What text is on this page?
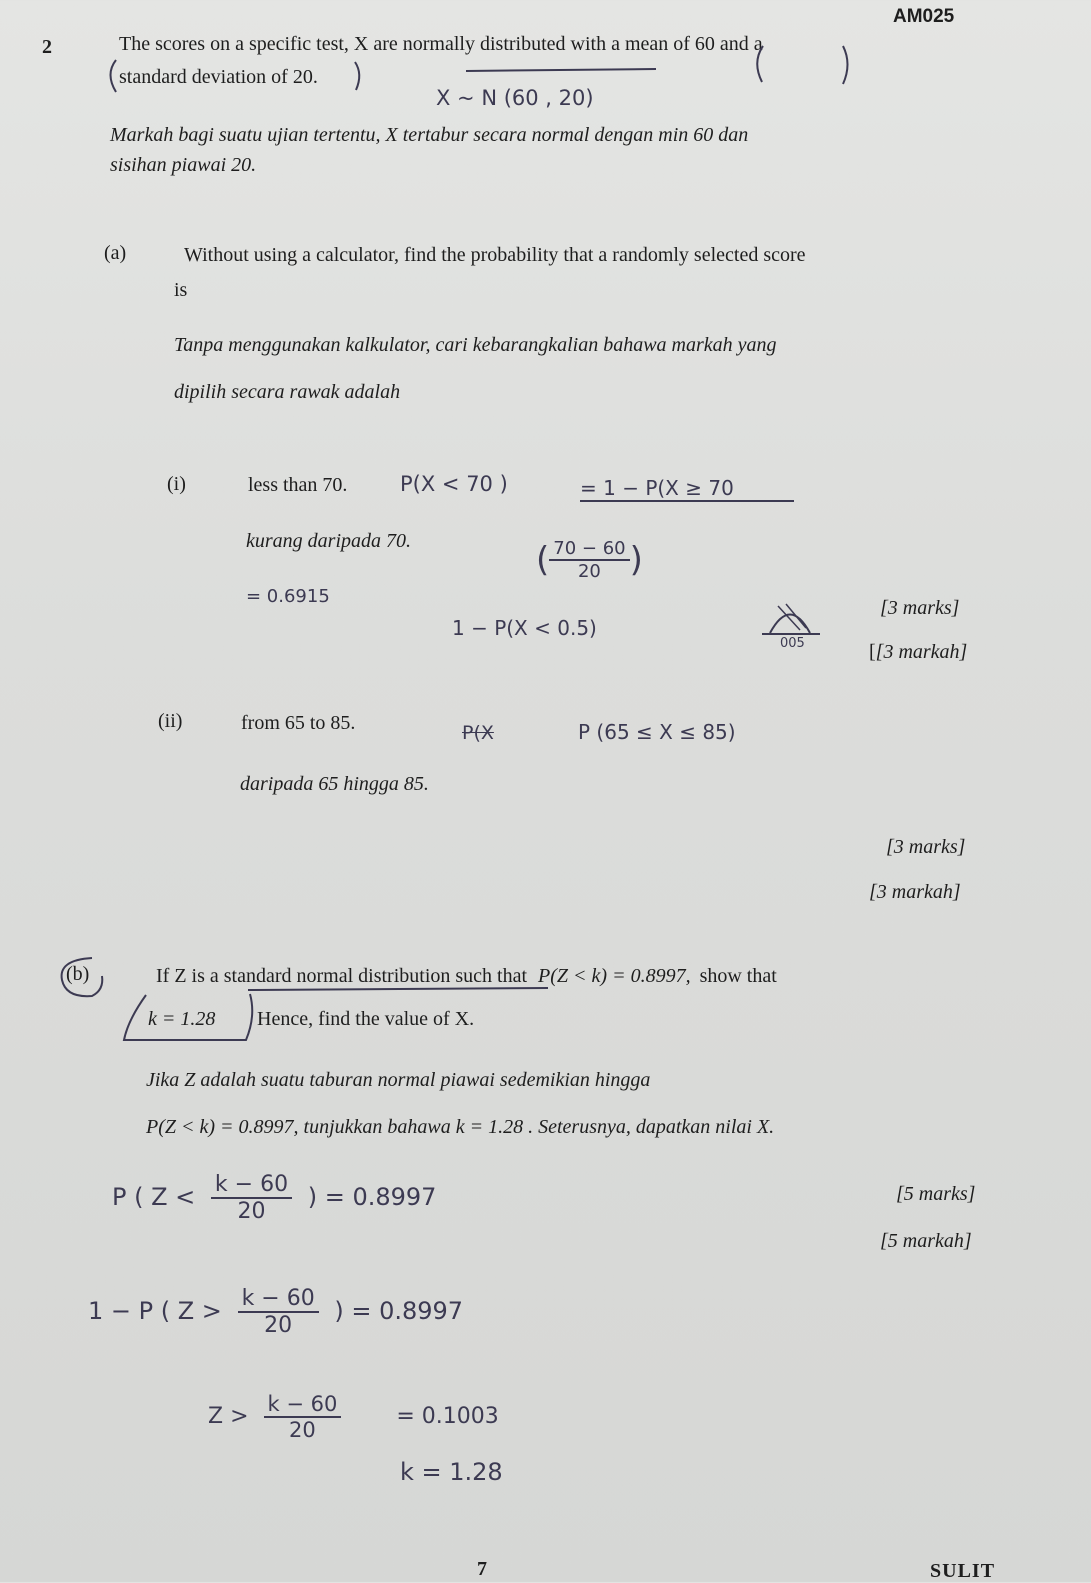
AM025
2	The scores on a specific test, X are normally distributed with a mean of 60 and a
standard deviation of 20.
X ~ N (60 , 20)
Markah bagi suatu ujian tertentu, X tertabur secara normal dengan min 60 dan
sisihan piawai 20.
(a)	Without using a calculator, find the probability that a randomly selected score
is
Tanpa menggunakan kalkulator, cari kebarangkalian bahawa markah yang
dipilih secara rawak adalah
(i)	less than 70.	P(X < 70 )	= 1 − P(X ≥ 70
kurang daripada 70.	( $\frac{70 - 60}{20}$ )
= 0.6915
[3 marks]
1 − P(X < 0.5)
005	[[3 markah]
(ii)	from 65 to 85.	P(X	P (65 ≤ X ≤ 85)
daripada 65 hingga 85.
[3 marks]
[3 markah]
(b)	If Z is a standard normal distribution such that P(Z < k) = 0.8997, show that
k = 1.28 Hence, find the value of X.
Jika Z adalah suatu taburan normal piawai sedemikian hingga
P(Z < k) = 0.8997, tunjukkan bahawa k = 1.28 . Seterusnya, dapatkan nilai X.
[5 marks]
[5 markah]
P ( $Z < \frac{k - 60}{20}$ ) = 0.8997
1 − P ( $Z > \frac{k - 60}{20}$ ) = 0.8997
$Z > \frac{k - 60}{20}$	= 0.1003
k = 1.28
7	SULIT
